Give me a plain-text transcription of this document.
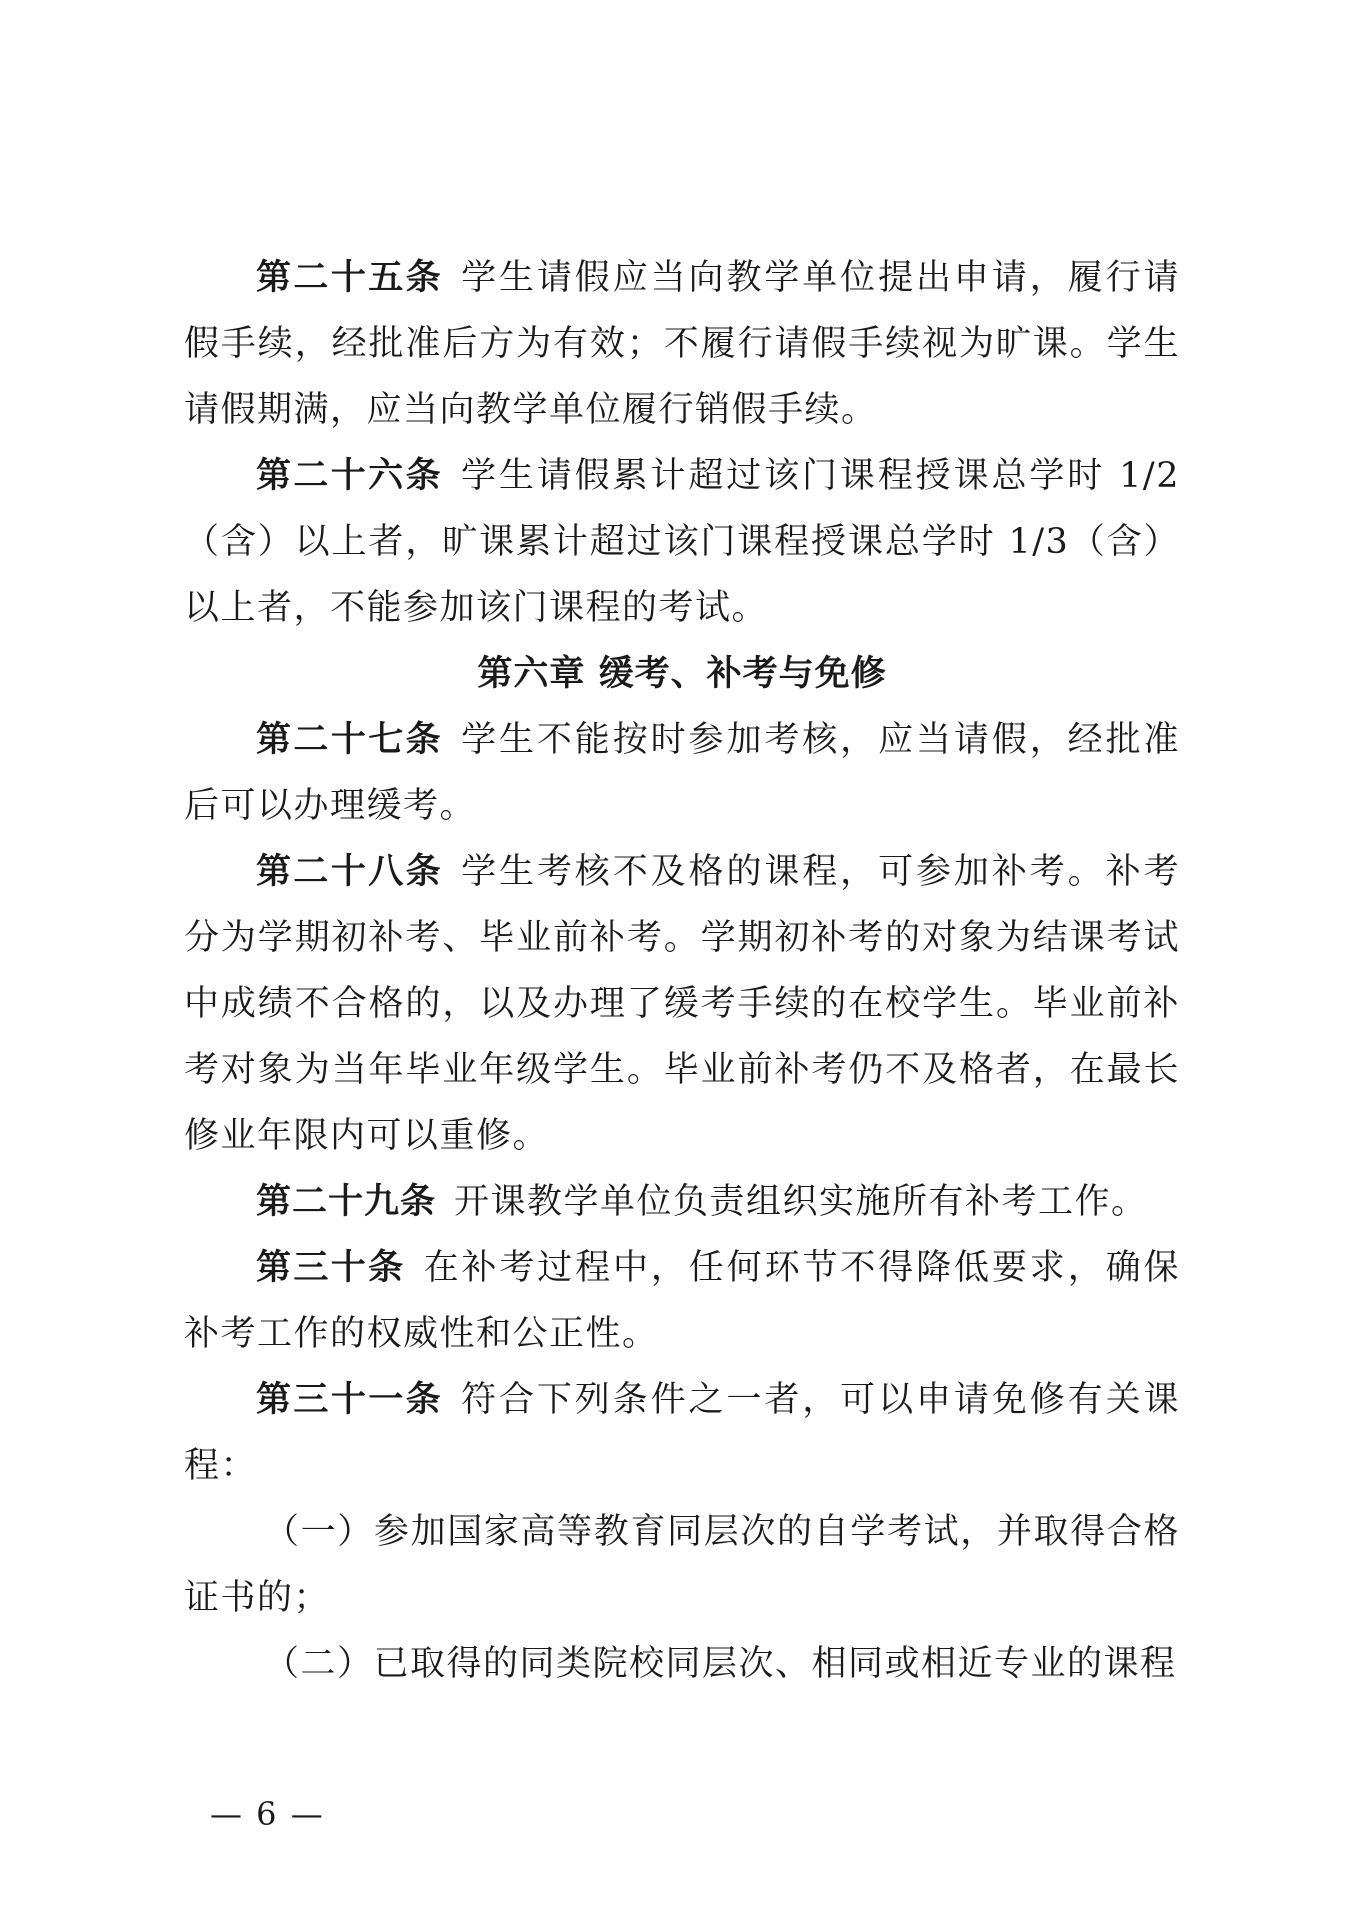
第二十五条 学生请假应当向教学单位提出申请，履行请假手续，经批准后方为有效；不履行请假手续视为旷课。学生请假期满，应当向教学单位履行销假手续。

第二十六条 学生请假累计超过该门课程授课总学时 1/2（含）以上者，旷课累计超过该门课程授课总学时 1/3（含）以上者，不能参加该门课程的考试。

第六章 缓考、补考与免修

第二十七条 学生不能按时参加考核，应当请假，经批准后可以办理缓考。

第二十八条 学生考核不及格的课程，可参加补考。补考分为学期初补考、毕业前补考。学期初补考的对象为结课考试中成绩不合格的，以及办理了缓考手续的在校学生。毕业前补考对象为当年毕业年级学生。毕业前补考仍不及格者，在最长修业年限内可以重修。

第二十九条 开课教学单位负责组织实施所有补考工作。

第三十条 在补考过程中，任何环节不得降低要求，确保补考工作的权威性和公正性。

第三十一条 符合下列条件之一者，可以申请免修有关课程：

（一）参加国家高等教育同层次的自学考试，并取得合格证书的；

（二）已取得的同类院校同层次、相同或相近专业的课程

— 6 —
